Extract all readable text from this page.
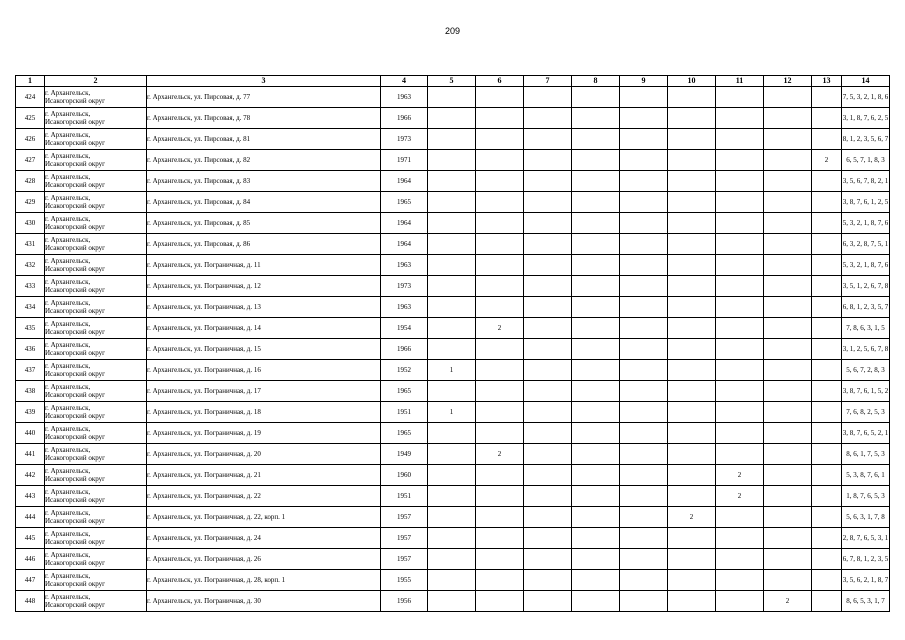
209
1	2	3	4	5	6	7	8	9	10	11	12	13	14
424	г. Архангельск,
Исакогорский округ	г. Архангельск, ул. Пирсовая, д. 77	1963										7, 5, 3, 2, 1, 8, 6
425	г. Архангельск,
Исакогорский округ	г. Архангельск, ул. Пирсовая, д. 78	1966										3, 1, 8, 7, 6, 2, 5
426	г. Архангельск,
Исакогорский округ	г. Архангельск, ул. Пирсовая, д. 81	1973										8, 1, 2, 3, 5, 6, 7
427	г. Архангельск,
Исакогорский округ	г. Архангельск, ул. Пирсовая, д. 82	1971									2	6, 5, 7, 1, 8, 3
428	г. Архангельск,
Исакогорский округ	г. Архангельск, ул. Пирсовая, д. 83	1964										3, 5, 6, 7, 8, 2, 1
429	г. Архангельск,
Исакогорский округ	г. Архангельск, ул. Пирсовая, д. 84	1965										3, 8, 7, 6, 1, 2, 5
430	г. Архангельск,
Исакогорский округ	г. Архангельск, ул. Пирсовая, д. 85	1964										5, 3, 2, 1, 8, 7, 6
431	г. Архангельск,
Исакогорский округ	г. Архангельск, ул. Пирсовая, д. 86	1964										6, 3, 2, 8, 7, 5, 1
432	г. Архангельск,
Исакогорский округ	г. Архангельск, ул. Пограничная, д. 11	1963										5, 3, 2, 1, 8, 7, 6
433	г. Архангельск,
Исакогорский округ	г. Архангельск, ул. Пограничная, д. 12	1973										3, 5, 1, 2, 6, 7, 8
434	г. Архангельск,
Исакогорский округ	г. Архангельск, ул. Пограничная, д. 13	1963										6, 8, 1, 2, 3, 5, 7
435	г. Архангельск,
Исакогорский округ	г. Архангельск, ул. Пограничная, д. 14	1954		2								7, 8, 6, 3, 1, 5
436	г. Архангельск,
Исакогорский округ	г. Архангельск, ул. Пограничная, д. 15	1966										3, 1, 2, 5, 6, 7, 8
437	г. Архангельск,
Исакогорский округ	г. Архангельск, ул. Пограничная, д. 16	1952	1									5, 6, 7, 2, 8, 3
438	г. Архангельск,
Исакогорский округ	г. Архангельск, ул. Пограничная, д. 17	1965										3, 8, 7, 6, 1, 5, 2
439	г. Архангельск,
Исакогорский округ	г. Архангельск, ул. Пограничная, д. 18	1951	1									7, 6, 8, 2, 5, 3
440	г. Архангельск,
Исакогорский округ	г. Архангельск, ул. Пограничная, д. 19	1965										3, 8, 7, 6, 5, 2, 1
441	г. Архангельск,
Исакогорский округ	г. Архангельск, ул. Пограничная, д. 20	1949		2								8, 6, 1, 7, 5, 3
442	г. Архангельск,
Исакогорский округ	г. Архангельск, ул. Пограничная, д. 21	1960							2			5, 3, 8, 7, 6, 1
443	г. Архангельск,
Исакогорский округ	г. Архангельск, ул. Пограничная, д. 22	1951							2			1, 8, 7, 6, 5, 3
444	г. Архангельск,
Исакогорский округ	г. Архангельск, ул. Пограничная, д. 22, корп. 1	1957						2				5, 6, 3, 1, 7, 8
445	г. Архангельск,
Исакогорский округ	г. Архангельск, ул. Пограничная, д. 24	1957										2, 8, 7, 6, 5, 3, 1
446	г. Архангельск,
Исакогорский округ	г. Архангельск, ул. Пограничная, д. 26	1957										6, 7, 8, 1, 2, 3, 5
447	г. Архангельск,
Исакогорский округ	г. Архангельск, ул. Пограничная, д. 28, корп. 1	1955										3, 5, 6, 2, 1, 8, 7
448	г. Архангельск,
Исакогорский округ	г. Архангельск, ул. Пограничная, д. 30	1956								2		8, 6, 5, 3, 1, 7
